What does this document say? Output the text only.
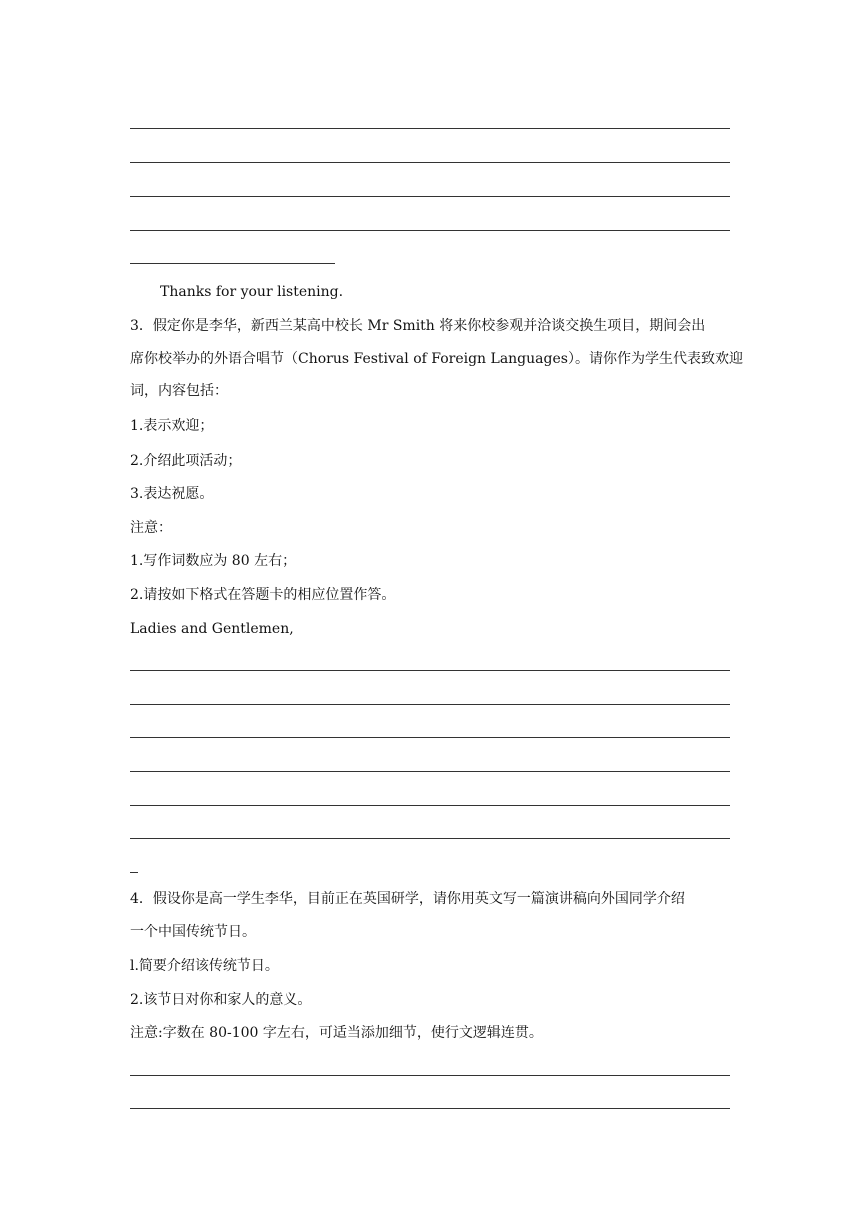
Thanks for your listening.
3．假定你是李华，新西兰某高中校长 Mr Smith 将来你校参观并洽谈交换生项目，期间会出
席你校举办的外语合唱节（Chorus Festival of Foreign Languages）。请你作为学生代表致欢迎
词，内容包括：
1.表示欢迎；
2.介绍此项活动；
3.表达祝愿。
注意：
1.写作词数应为 80 左右；
2.请按如下格式在答题卡的相应位置作答。
Ladies and Gentlemen,
4．假设你是高一学生李华，目前正在英国研学，请你用英文写一篇演讲稿向外国同学介绍
一个中国传统节日。
l.简要介绍该传统节日。
2.该节日对你和家人的意义。
注意:字数在 80-100 字左右，可适当添加细节，使行文逻辑连贯。
